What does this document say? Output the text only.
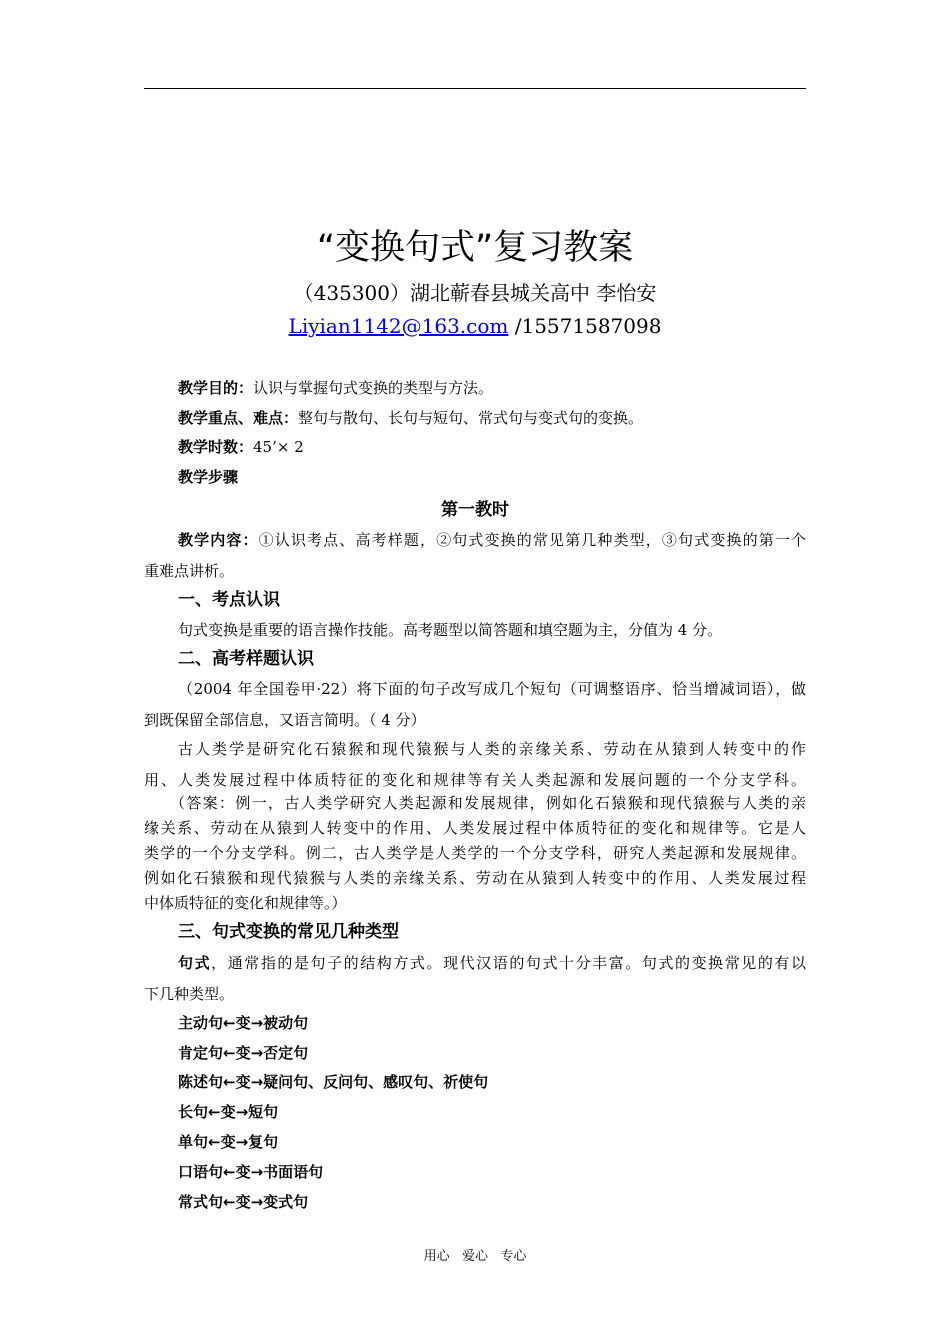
“变换句式”复习教案
（435300）湖北蕲春县城关高中 李怡安
Liyian1142@163.com /15571587098
教学目的：认识与掌握句式变换的类型与方法。
教学重点、难点：整句与散句、长句与短句、常式句与变式句的变换。
教学时数：45’× 2
教学步骤
第一教时
教学内容：①认识考点、高考样题，②句式变换的常见第几种类型，③句式变换的第一个
重难点讲析。
一、考点认识
句式变换是重要的语言操作技能。高考题型以简答题和填空题为主，分值为 4 分。
二、高考样题认识
（2004 年全国卷甲·22）将下面的句子改写成几个短句（可调整语序、恰当增减词语），做
到既保留全部信息，又语言简明。（ 4 分）
古人类学是研究化石猿猴和现代猿猴与人类的亲缘关系、劳动在从猿到人转变中的作
用、人类发展过程中体质特征的变化和规律等有关人类起源和发展问题的一个分支学科。
（答案：例一，古人类学研究人类起源和发展规律，例如化石猿猴和现代猿猴与人类的亲
缘关系、劳动在从猿到人转变中的作用、人类发展过程中体质特征的变化和规律等。它是人
类学的一个分支学科。例二，古人类学是人类学的一个分支学科，研究人类起源和发展规律。
例如化石猿猴和现代猿猴与人类的亲缘关系、劳动在从猿到人转变中的作用、人类发展过程
中体质特征的变化和规律等。）
三、句式变换的常见几种类型
句式，通常指的是句子的结构方式。现代汉语的句式十分丰富。句式的变换常见的有以
下几种类型。
主动句←变→被动句
肯定句←变→否定句
陈述句←变→疑问句、反问句、感叹句、祈使句
长句←变→短句
单句←变→复句
口语句←变→书面语句
常式句←变→变式句
用心   爱心   专心
